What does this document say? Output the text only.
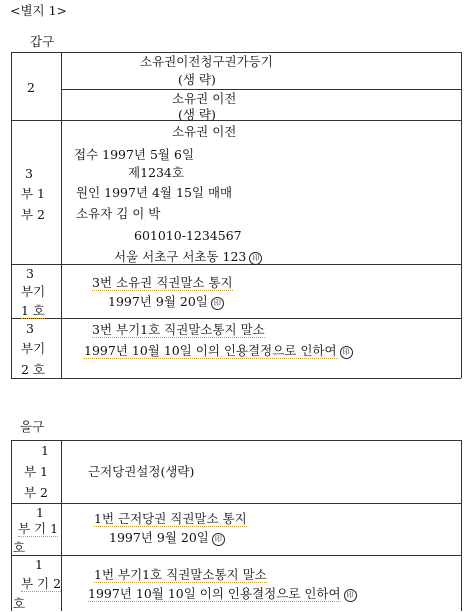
<별지 1>
갑구
을구
2
소유권이전청구권가등기
(생 략)
소유권 이전
(생 략)
3
부 1
부 2
소유권 이전
접수 1997년 5월 6일
제1234호
원인 1997년 4월 15일 매매
소유자 김 이 박
601010-1234567
서울 서초구 서초동 123 印
3
부기
1 호
3번 소유권 직권말소 통지
1997년 9월 20일 印
3
부기
2 호
3번 부기1호 직권말소통지 말소
1997년 10월 10일 이의 인용결정으로 인하여 印
1
부 1
부 2
근저당권설정(생략)
1
부 기 1
호
1번 근저당권 직권말소 통지
1997년 9월 20일 印
1
부 기 2
호
1번 부기1호 직권말소통지 말소
1997년 10월 10일 이의 인용결정으로 인하여 印
